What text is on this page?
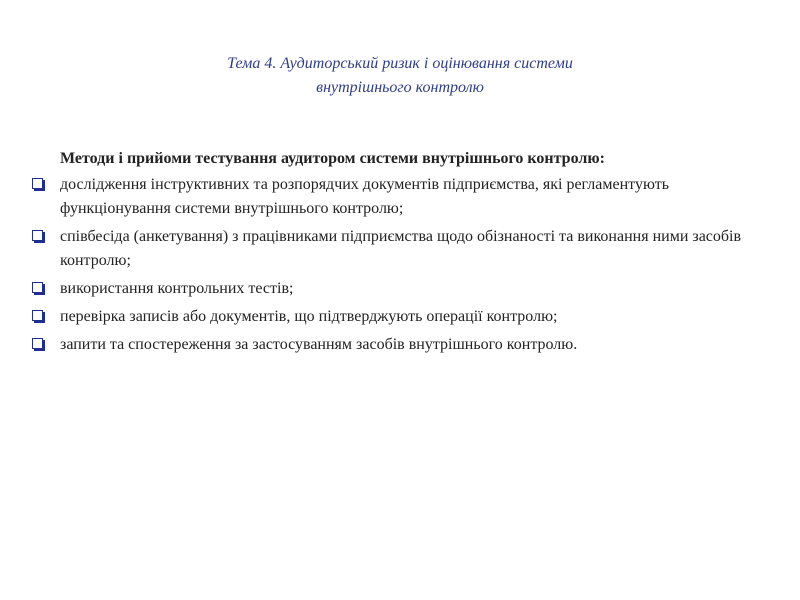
Тема 4. Аудиторський ризик і оцінювання системи
внутрішнього контролю

Методи і прийоми тестування аудитором системи внутрішнього контролю:

дослідження інструктивних та розпорядчих документів підприємства, які регламентують функціонування системи внутрішнього контролю;
співбесіда (анкетування) з працівниками підприємства щодо обізнаності та виконання ними засобів контролю;
використання контрольних тестів;
перевірка записів або документів, що підтверджують операції контролю;
запити та спостереження за застосуванням засобів внутрішнього контролю.
